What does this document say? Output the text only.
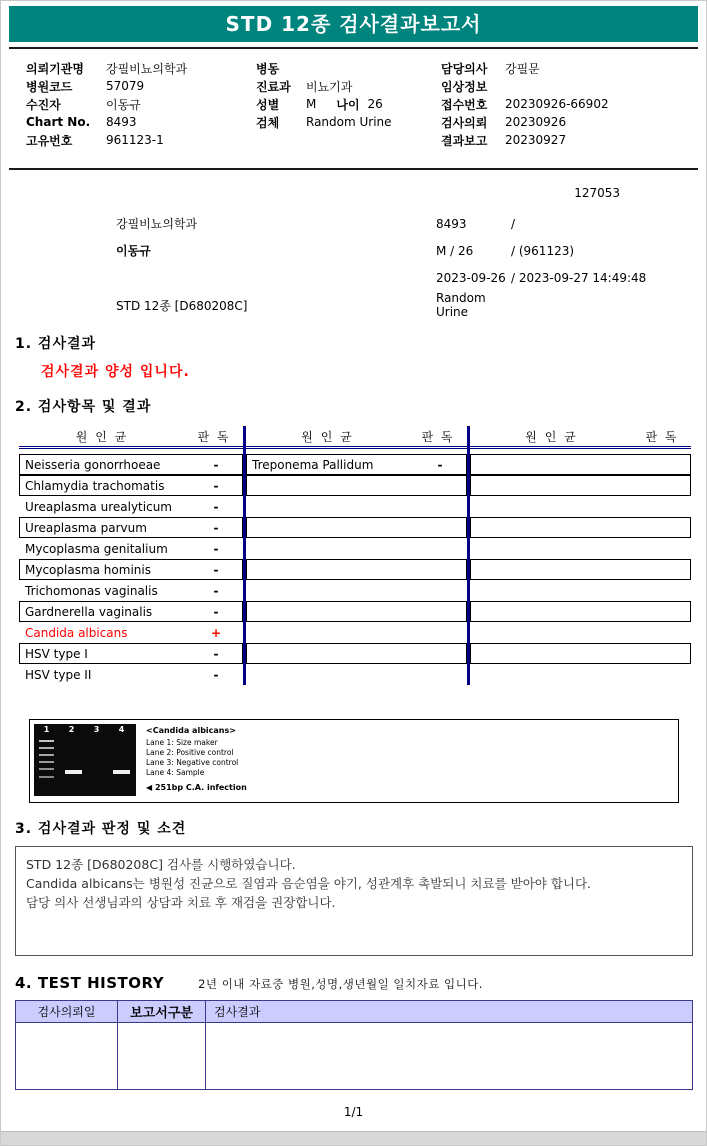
STD 12종 검사결과보고서
의뢰기관명	강필비뇨의학과
병원코드	57079
수진자	이동규
Chart No.	8493
고유번호	961123-1
병동
진료과	비뇨기과
성별	M 나이 26
검체	Random Urine
담당의사	강필문
임상정보
접수번호	20230926-66902
검사의뢰	20230926
결과보고	20230927
127053
강필비뇨의학과	8493	/
이동규	M / 26	/ (961123)
2023-09-26 / 2023-09-27 14:49:48
STD 12종 [D680208C]
Random Urine
1. 검사결과
검사결과 양성 입니다.
2. 검사항목 및 결과
원 인 균	판 독
Neisseria gonorrhoeae	-
Chlamydia trachomatis	-
Ureaplasma urealyticum	-
Ureaplasma parvum	-
Mycoplasma genitalium	-
Mycoplasma hominis	-
Trichomonas vaginalis	-
Gardnerella vaginalis	-
Candida albicans	+
HSV type I	-
HSV type II	-
원 인 균	판 독
Treponema Pallidum	-
원 인 균	판 독
1	2	3	4	<Candida albicans>
Lane 1: Size maker
Lane 2: Positive control
Lane 3: Negative control
Lane 4: Sample
◀ 251bp C.A. infection
3. 검사결과 판정 및 소견
STD 12종 [D680208C] 검사를 시행하였습니다.
Candida albicans는 병원성 진균으로 질염과 음순염을 야기, 성관계후 촉발되니 치료를 받아야 합니다.
담당 의사 선생님과의 상담과 치료 후 재검을 권장합니다.
4. TEST HISTORY	2년 이내 자료중 병원,성명,생년월일 일치자료 입니다.
검사의뢰일	보고서구분	검사결과
1/1
